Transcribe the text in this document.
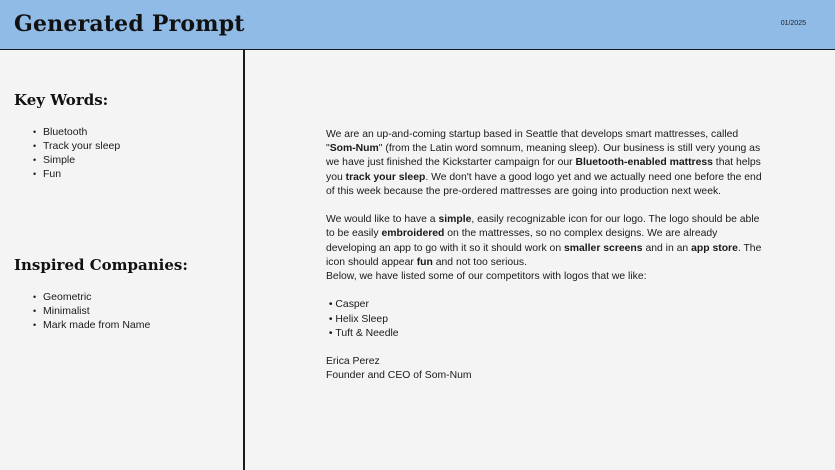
Generated Prompt	01/2025
Key Words:
• Bluetooth
• Track your sleep
• Simple
• Fun
Inspired Companies:
• Geometric
• Minimalist
• Mark made from Name

We are an up-and-coming startup based in Seattle that develops smart mattresses, called "Som-Num" (from the Latin word somnum, meaning sleep). Our business is still very young as we have just finished the Kickstarter campaign for our Bluetooth-enabled mattress that helps you track your sleep. We don't have a good logo yet and we actually need one before the end of this week because the pre-ordered mattresses are going into production next week.

We would like to have a simple, easily recognizable icon for our logo. The logo should be able to be easily embroidered on the mattresses, so no complex designs. We are already developing an app to go with it so it should work on smaller screens and in an app store. The icon should appear fun and not too serious.

Below, we have listed some of our competitors with logos that we like:

• Casper
• Helix Sleep
• Tuft & Needle

Erica Perez

Founder and CEO of Som-Num
